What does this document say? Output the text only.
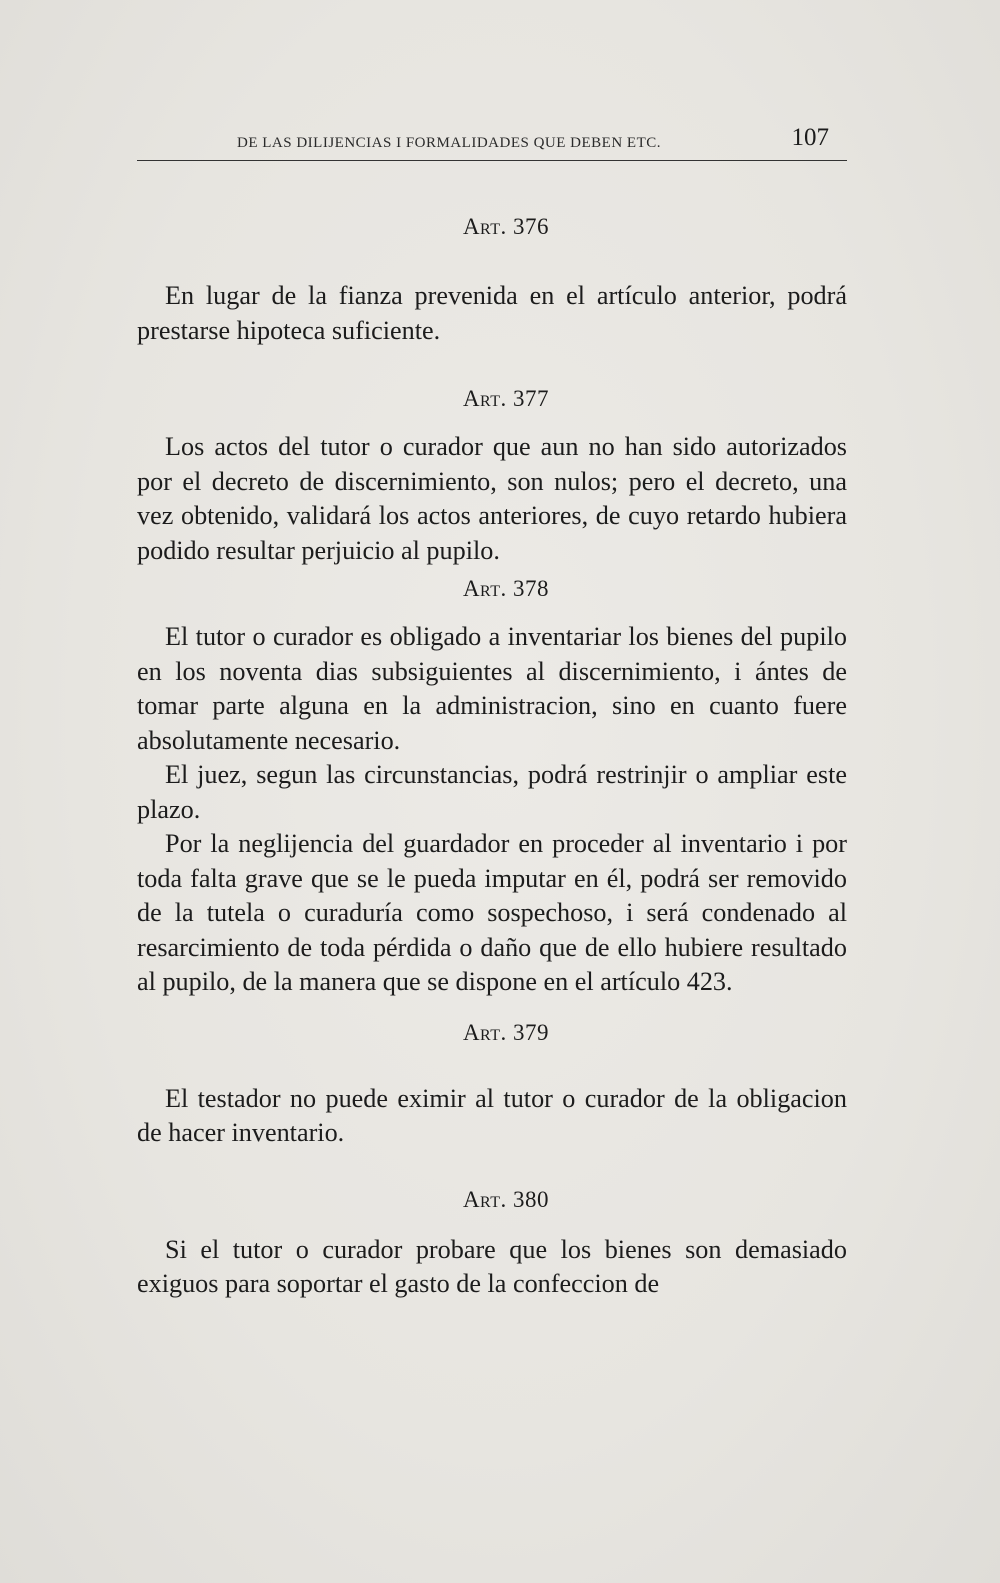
DE LAS DILIJENCIAS I FORMALIDADES QUE DEBEN ETC.	107

Art. 376

En lugar de la fianza prevenida en el artículo anterior, podrá prestarse hipoteca suficiente.

Art. 377

Los actos del tutor o curador que aun no han sido autorizados por el decreto de discernimiento, son nulos; pero el decreto, una vez obtenido, validará los actos anteriores, de cuyo retardo hubiera podido resultar perjuicio al pupilo.

Art. 378

El tutor o curador es obligado a inventariar los bienes del pupilo en los noventa dias subsiguientes al discernimiento, i ántes de tomar parte alguna en la administracion, sino en cuanto fuere absolutamente necesario.

El juez, segun las circunstancias, podrá restrinjir o ampliar este plazo.

Por la neglijencia del guardador en proceder al inventario i por toda falta grave que se le pueda imputar en él, podrá ser removido de la tutela o curaduría como sospechoso, i será condenado al resarcimiento de toda pérdida o daño que de ello hubiere resultado al pupilo, de la manera que se dispone en el artículo 423.

Art. 379

El testador no puede eximir al tutor o curador de la obligacion de hacer inventario.

Art. 380

Si el tutor o curador probare que los bienes son demasiado exiguos para soportar el gasto de la confeccion de
